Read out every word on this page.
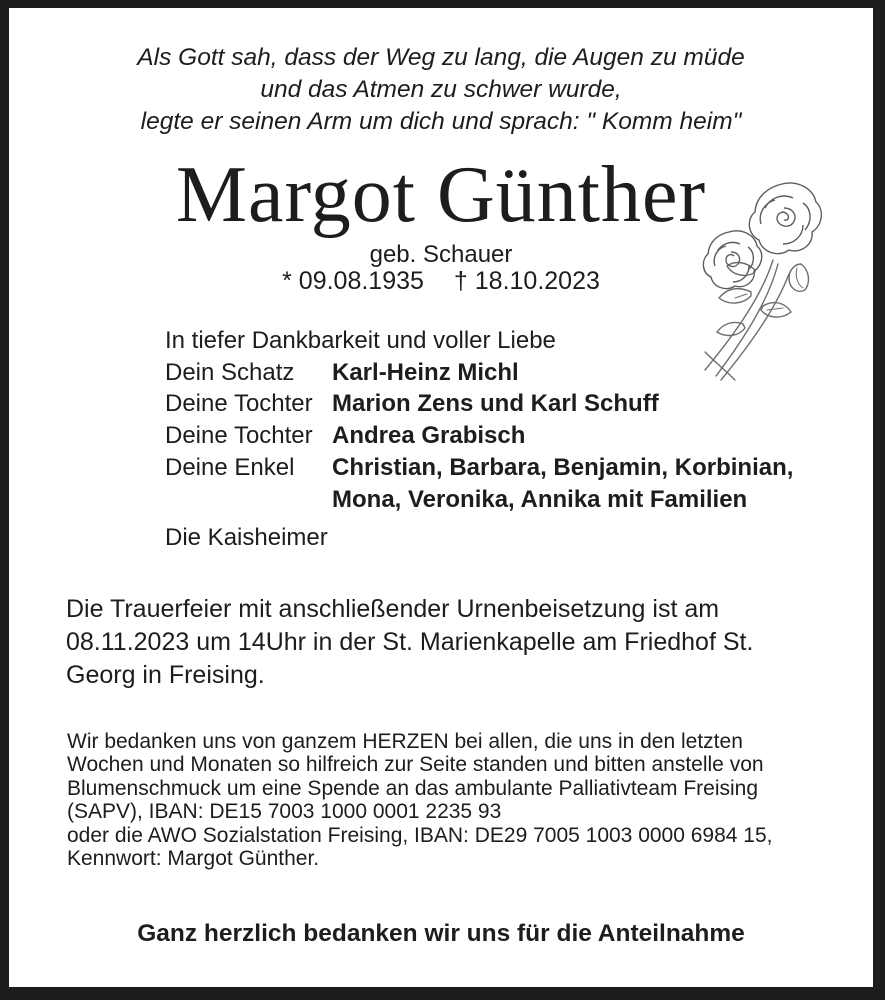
Als Gott sah, dass der Weg zu lang, die Augen zu müde
und das Atmen zu schwer wurde,
legte er seinen Arm um dich und sprach: " Komm heim"
Margot Günther
geb. Schauer
* 09.08.1935 † 18.10.2023
In tiefer Dankbarkeit und voller Liebe
Dein Schatz	Karl-Heinz Michl
Deine Tochter Marion Zens und Karl Schuff
Deine Tochter Andrea Grabisch
Deine Enkel	Christian, Barbara, Benjamin, Korbinian,
Mona, Veronika, Annika mit Familien
Die Kaisheimer
Die Trauerfeier mit anschließender Urnenbeisetzung ist am
08.11.2023 um 14Uhr in der St. Marienkapelle am Friedhof St.
Georg in Freising.
Wir bedanken uns von ganzem HERZEN bei allen, die uns in den letzten
Wochen und Monaten so hilfreich zur Seite standen und bitten anstelle von
Blumenschmuck um eine Spende an das ambulante Palliativteam Freising
(SAPV), IBAN: DE15 7003 1000 0001 2235 93
oder die AWO Sozialstation Freising, IBAN: DE29 7005 1003 0000 6984 15,
Kennwort: Margot Günther.
Ganz herzlich bedanken wir uns für die Anteilnahme
